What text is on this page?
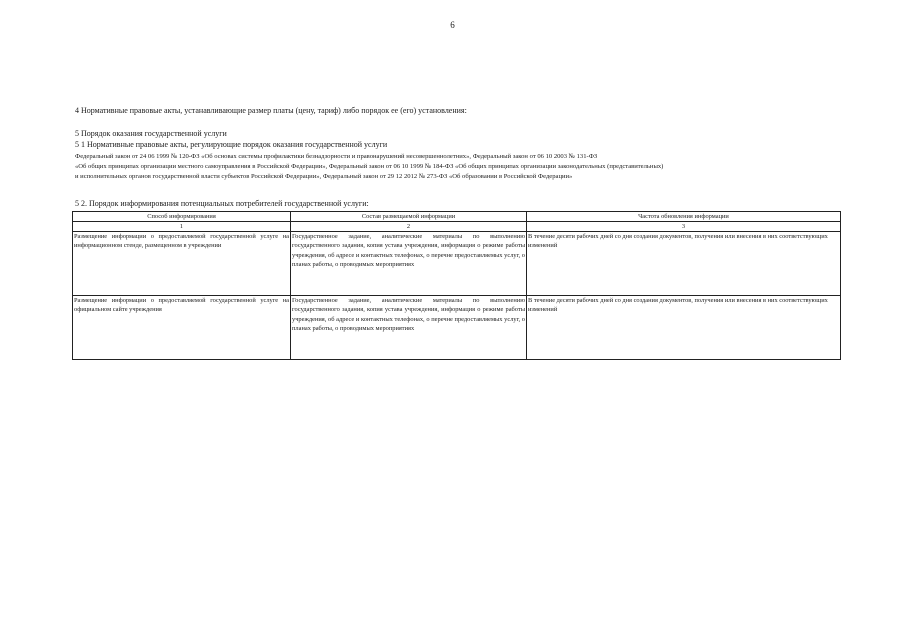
6
4 Нормативные правовые акты, устанавливающие размер платы (цену, тариф) либо порядок ее (его) установления:
5 Порядок оказания государственной услуги
5 1 Нормативные правовые акты, регулирующие порядок оказания государственной услуги
Федеральный закон от 24 06 1999 № 120-ФЗ «Об основах системы профилактики безнадзорности и правонарушений несовершеннолетних», Федеральный закон от 06 10 2003 № 131-ФЗ
«Об общих принципах организации местного самоуправления в Российской Федерации», Федеральный закон от 06 10 1999 № 184-ФЗ «Об общих принципах организации законодательных (представительных)
и исполнительных органов государственной власти субъектов Российской Федерации», Федеральный закон от 29 12 2012 № 273-ФЗ «Об образовании в Российской Федерации»
5 2. Порядок информирования потенциальных потребителей государственной услуги:
Способ информирования	Состав размещаемой информации	Частота обновления информации
1	2	3
Размещение информации о предоставляемой государственной услуге на информационном стенде, размещенном в учреждении	Государственное задание, аналитические материалы по выполнению государственного задания, копия устава учреждения, информация о режиме работы учреждения, об адресе и контактных телефонах, о перечне предоставляемых услуг, о планах работы, о проводимых мероприятиях	В течение десяти рабочих дней со дня создания документов, получения или внесения в них соответствующих изменений
Размещение информации о предоставляемой государственной услуге на официальном сайте учреждения	Государственное задание, аналитические материалы по выполнению государственного задания, копия устава учреждения, информация о режиме работы учреждения, об адресе и контактных телефонах, о перечне предоставляемых услуг, о планах работы, о проводимых мероприятиях	В течение десяти рабочих дней со дня создания документов, получения или внесения в них соответствующих изменений
